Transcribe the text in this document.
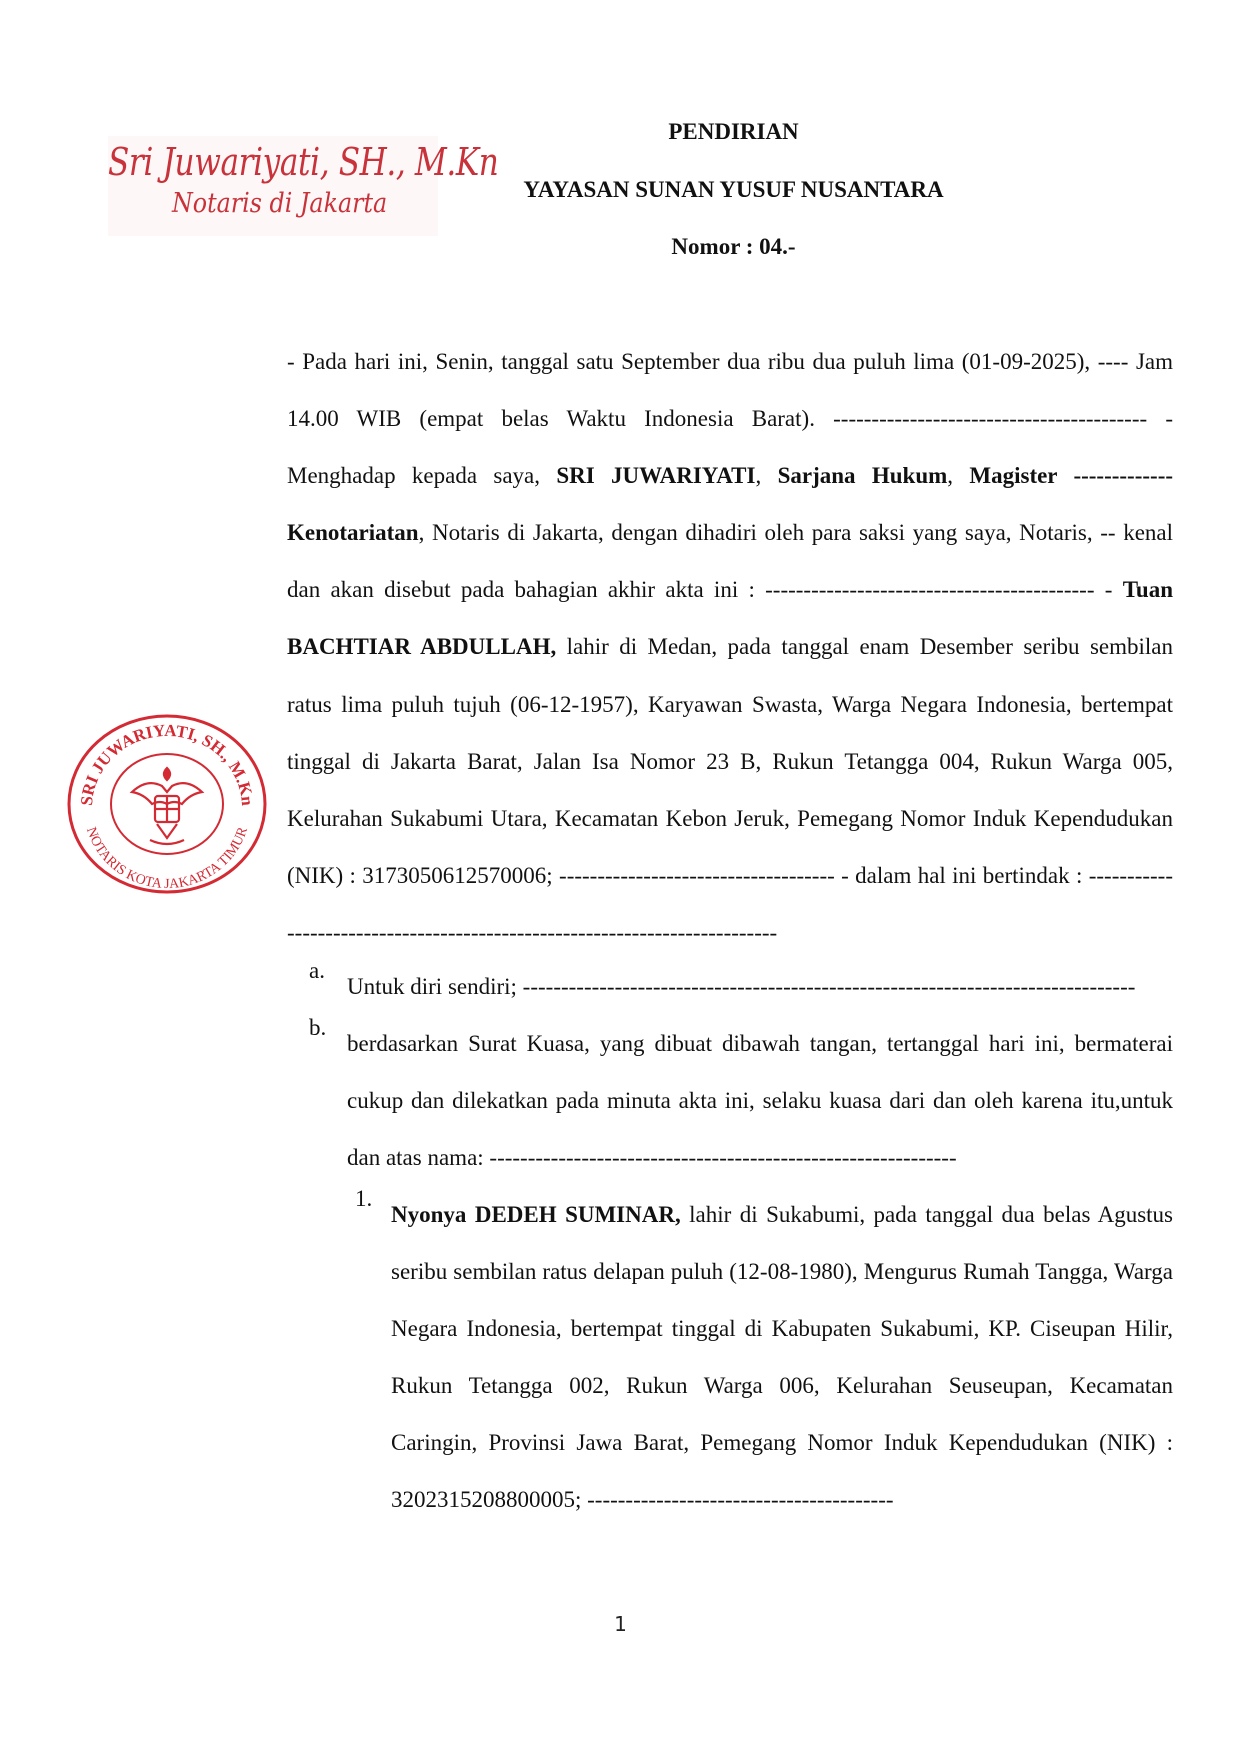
Sri Juwariyati, SH., M.Kn
Notaris di Jakarta
PENDIRIAN
YAYASAN SUNAN YUSUF NUSANTARA
Nomor : 04.-
SRI JUWARIYATI, SH., M.Kn
NOTARIS KOTA JAKARTA TIMUR
- Pada hari ini, Senin, tanggal satu September dua ribu dua puluh lima (01-09-2025), ---- Jam 14.00 WIB (empat belas Waktu Indonesia Barat). ----------------------------------------- - Menghadap kepada saya, SRI JUWARIYATI, Sarjana Hukum, Magister ------------- Kenotariatan, Notaris di Jakarta, dengan dihadiri oleh para saksi yang saya, Notaris, -- kenal dan akan disebut pada bahagian akhir akta ini : ------------------------------------------- - Tuan BACHTIAR ABDULLAH, lahir di Medan, pada tanggal enam Desember seribu sembilan ratus lima puluh tujuh (06-12-1957), Karyawan Swasta, Warga Negara Indonesia, bertempat tinggal di Jakarta Barat, Jalan Isa Nomor 23 B, Rukun Tetangga 004, Rukun Warga 005, Kelurahan Sukabumi Utara, Kecamatan Kebon Jeruk, Pemegang Nomor Induk Kependudukan (NIK) : 3173050612570006; ------------------------------------ - dalam hal ini bertindak : ---------------------------------------------------------------------------
a.
Untuk diri sendiri; --------------------------------------------------------------------------------
b.
berdasarkan Surat Kuasa, yang dibuat dibawah tangan, tertanggal hari ini, bermaterai cukup dan dilekatkan pada minuta akta ini, selaku kuasa dari dan oleh karena itu,untuk dan atas nama: -------------------------------------------------------------
1.
Nyonya DEDEH SUMINAR, lahir di Sukabumi, pada tanggal dua belas Agustus seribu sembilan ratus delapan puluh (12-08-1980), Mengurus Rumah Tangga, Warga Negara Indonesia, bertempat tinggal di Kabupaten Sukabumi, KP. Ciseupan Hilir, Rukun Tetangga 002, Rukun Warga 006, Kelurahan Seuseupan, Kecamatan Caringin, Provinsi Jawa Barat, Pemegang Nomor Induk Kependudukan (NIK) : 3202315208800005; ----------------------------------------
1
